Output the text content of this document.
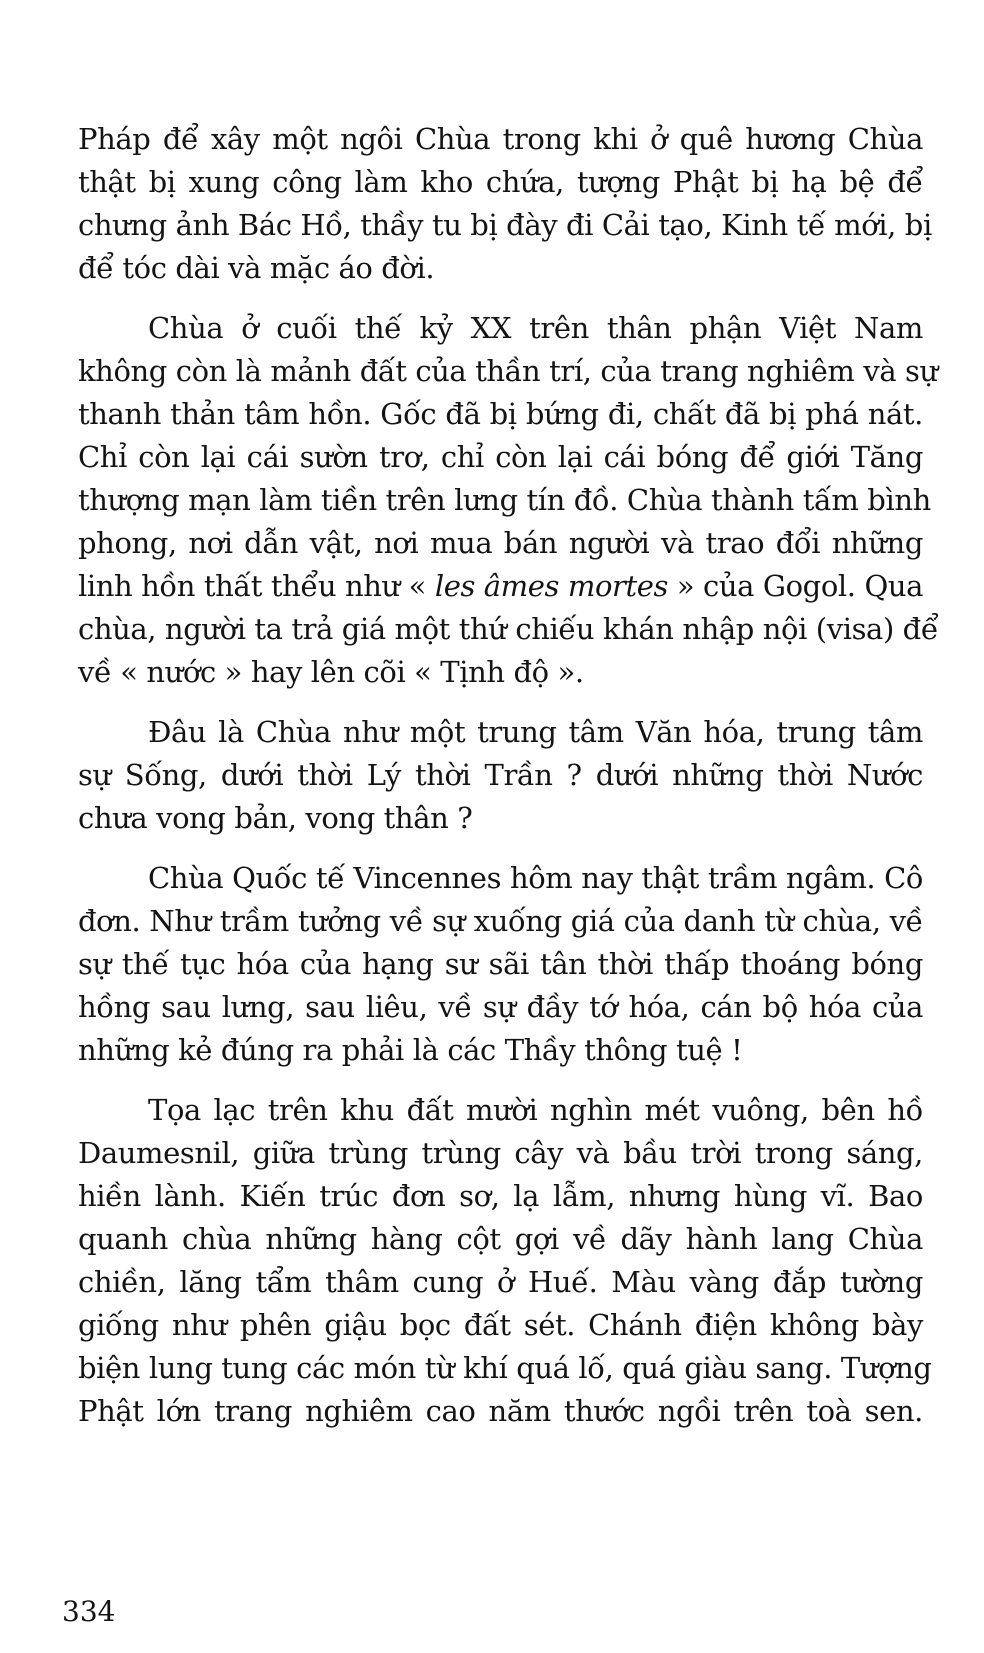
Pháp để xây một ngôi Chùa trong khi ở quê hương Chùa
thật bị xung công làm kho chứa, tượng Phật bị hạ bệ để
chưng ảnh Bác Hồ, thầy tu bị đày đi Cải tạo, Kinh tế mới, bị
để tóc dài và mặc áo đời.
Chùa ở cuối thế kỷ XX trên thân phận Việt Nam
không còn là mảnh đất của thần trí, của trang nghiêm và sự
thanh thản tâm hồn. Gốc đã bị bứng đi, chất đã bị phá nát.
Chỉ còn lại cái sườn trơ, chỉ còn lại cái bóng để giới Tăng
thượng mạn làm tiền trên lưng tín đồ. Chùa thành tấm bình
phong, nơi dẫn vật, nơi mua bán người và trao đổi những
linh hồn thất thểu như « les âmes mortes » của Gogol. Qua
chùa, người ta trả giá một thứ chiếu khán nhập nội (visa) để
về « nước » hay lên cõi « Tịnh độ ».
Đâu là Chùa như một trung tâm Văn hóa, trung tâm
sự Sống, dưới thời Lý thời Trần ? dưới những thời Nước
chưa vong bản, vong thân ?
Chùa Quốc tế Vincennes hôm nay thật trầm ngâm. Cô
đơn. Như trầm tưởng về sự xuống giá của danh từ chùa, về
sự thế tục hóa của hạng sư sãi tân thời thấp thoáng bóng
hồng sau lưng, sau liêu, về sự đầy tớ hóa, cán bộ hóa của
những kẻ đúng ra phải là các Thầy thông tuệ !
Tọa lạc trên khu đất mười nghìn mét vuông, bên hồ
Daumesnil, giữa trùng trùng cây và bầu trời trong sáng,
hiền lành. Kiến trúc đơn sơ, lạ lẫm, nhưng hùng vĩ. Bao
quanh chùa những hàng cột gợi về dãy hành lang Chùa
chiền, lăng tẩm thâm cung ở Huế. Màu vàng đắp tường
giống như phên giậu bọc đất sét. Chánh điện không bày
biện lung tung các món từ khí quá lố, quá giàu sang. Tượng
Phật lớn trang nghiêm cao năm thước ngồi trên toà sen.
334
